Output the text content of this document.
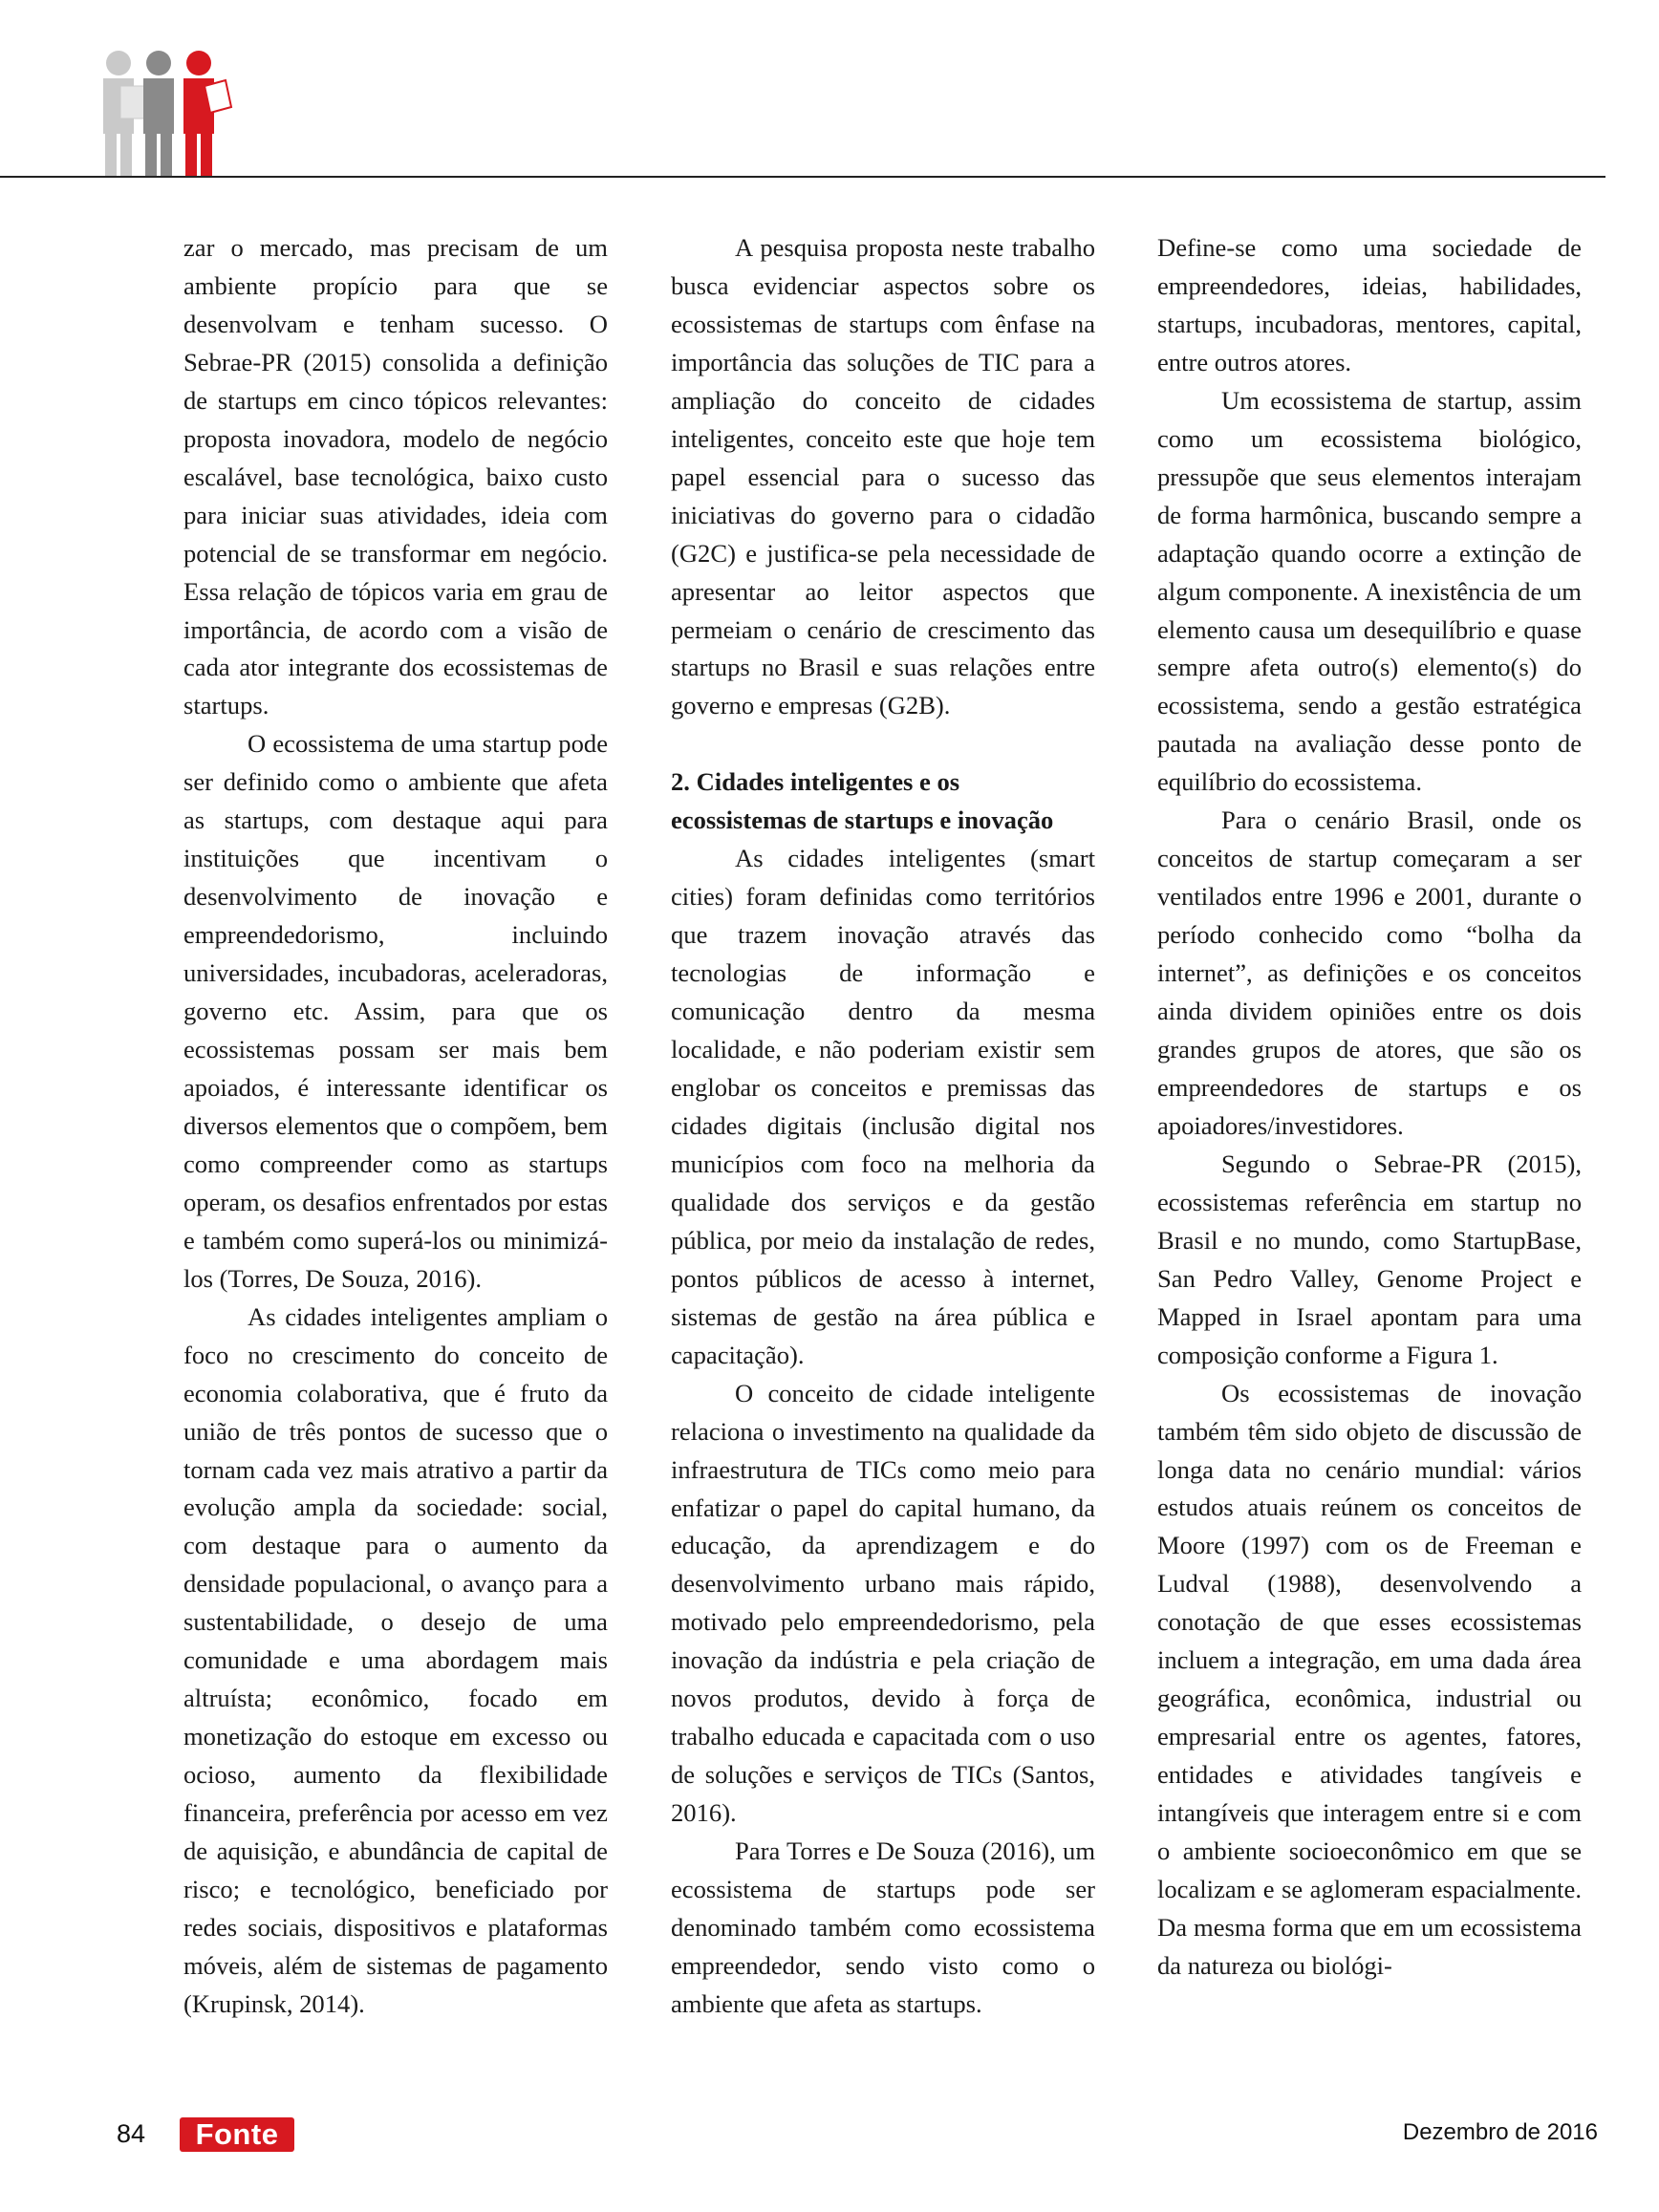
zar o mercado, mas precisam de um ambiente propício para que se desenvolvam e tenham sucesso. O Sebrae-PR (2015) consolida a definição de startups em cinco tópicos relevantes: proposta inovadora, modelo de negócio escalável, base tecnológica, baixo custo para iniciar suas atividades, ideia com potencial de se transformar em negócio. Essa relação de tópicos varia em grau de importância, de acordo com a visão de cada ator integrante dos ecossistemas de startups.

O ecossistema de uma startup pode ser definido como o ambiente que afeta as startups, com destaque aqui para instituições que incentivam o desenvolvimento de inovação e empreendedorismo, incluindo universidades, incubadoras, aceleradoras, governo etc. Assim, para que os ecossistemas possam ser mais bem apoiados, é interessante identificar os diversos elementos que o compõem, bem como compreender como as startups operam, os desafios enfrentados por estas e também como superá-los ou minimizá-los (Torres, De Souza, 2016).

As cidades inteligentes ampliam o foco no crescimento do conceito de economia colaborativa, que é fruto da união de três pontos de sucesso que o tornam cada vez mais atrativo a partir da evolução ampla da sociedade: social, com destaque para o aumento da densidade populacional, o avanço para a sustentabilidade, o desejo de uma comunidade e uma abordagem mais altruísta; econômico, focado em monetização do estoque em excesso ou ocioso, aumento da flexibilidade financeira, preferência por acesso em vez de aquisição, e abundância de capital de risco; e tecnológico, beneficiado por redes sociais, dispositivos e plataformas móveis, além de sistemas de pagamento (Krupinsk, 2014).

A pesquisa proposta neste trabalho busca evidenciar aspectos sobre os ecossistemas de startups com ênfase na importância das soluções de TIC para a ampliação do conceito de cidades inteligentes, conceito este que hoje tem papel essencial para o sucesso das iniciativas do governo para o cidadão (G2C) e justifica-se pela necessidade de apresentar ao leitor aspectos que permeiam o cenário de crescimento das startups no Brasil e suas relações entre governo e empresas (G2B).

2. Cidades inteligentes e os ecossistemas de startups e inovação

As cidades inteligentes (smart cities) foram definidas como territórios que trazem inovação através das tecnologias de informação e comunicação dentro da mesma localidade, e não poderiam existir sem englobar os conceitos e premissas das cidades digitais (inclusão digital nos municípios com foco na melhoria da qualidade dos serviços e da gestão pública, por meio da instalação de redes, pontos públicos de acesso à internet, sistemas de gestão na área pública e capacitação).

O conceito de cidade inteligente relaciona o investimento na qualidade da infraestrutura de TICs como meio para enfatizar o papel do capital humano, da educação, da aprendizagem e do desenvolvimento urbano mais rápido, motivado pelo empreendedorismo, pela inovação da indústria e pela criação de novos produtos, devido à força de trabalho educada e capacitada com o uso de soluções e serviços de TICs (Santos, 2016).

Para Torres e De Souza (2016), um ecossistema de startups pode ser denominado também como ecossistema empreendedor, sendo visto como o ambiente que afeta as startups.

Define-se como uma sociedade de empreendedores, ideias, habilidades, startups, incubadoras, mentores, capital, entre outros atores.

Um ecossistema de startup, assim como um ecossistema biológico, pressupõe que seus elementos interajam de forma harmônica, buscando sempre a adaptação quando ocorre a extinção de algum componente. A inexistência de um elemento causa um desequilíbrio e quase sempre afeta outro(s) elemento(s) do ecossistema, sendo a gestão estratégica pautada na avaliação desse ponto de equilíbrio do ecossistema.

Para o cenário Brasil, onde os conceitos de startup começaram a ser ventilados entre 1996 e 2001, durante o período conhecido como “bolha da internet”, as definições e os conceitos ainda dividem opiniões entre os dois grandes grupos de atores, que são os empreendedores de startups e os apoiadores/investidores.

Segundo o Sebrae-PR (2015), ecossistemas referência em startup no Brasil e no mundo, como StartupBase, San Pedro Valley, Genome Project e Mapped in Israel apontam para uma composição conforme a Figura 1.

Os ecossistemas de inovação também têm sido objeto de discussão de longa data no cenário mundial: vários estudos atuais reúnem os conceitos de Moore (1997) com os de Freeman e Ludval (1988), desenvolvendo a conotação de que esses ecossistemas incluem a integração, em uma dada área geográfica, econômica, industrial ou empresarial entre os agentes, fatores, entidades e atividades tangíveis e intangíveis que interagem entre si e com o ambiente socioeconômico em que se localizam e se aglomeram espacialmente. Da mesma forma que em um ecossistema da natureza ou biológi-

84	Fonte	Dezembro de 2016
